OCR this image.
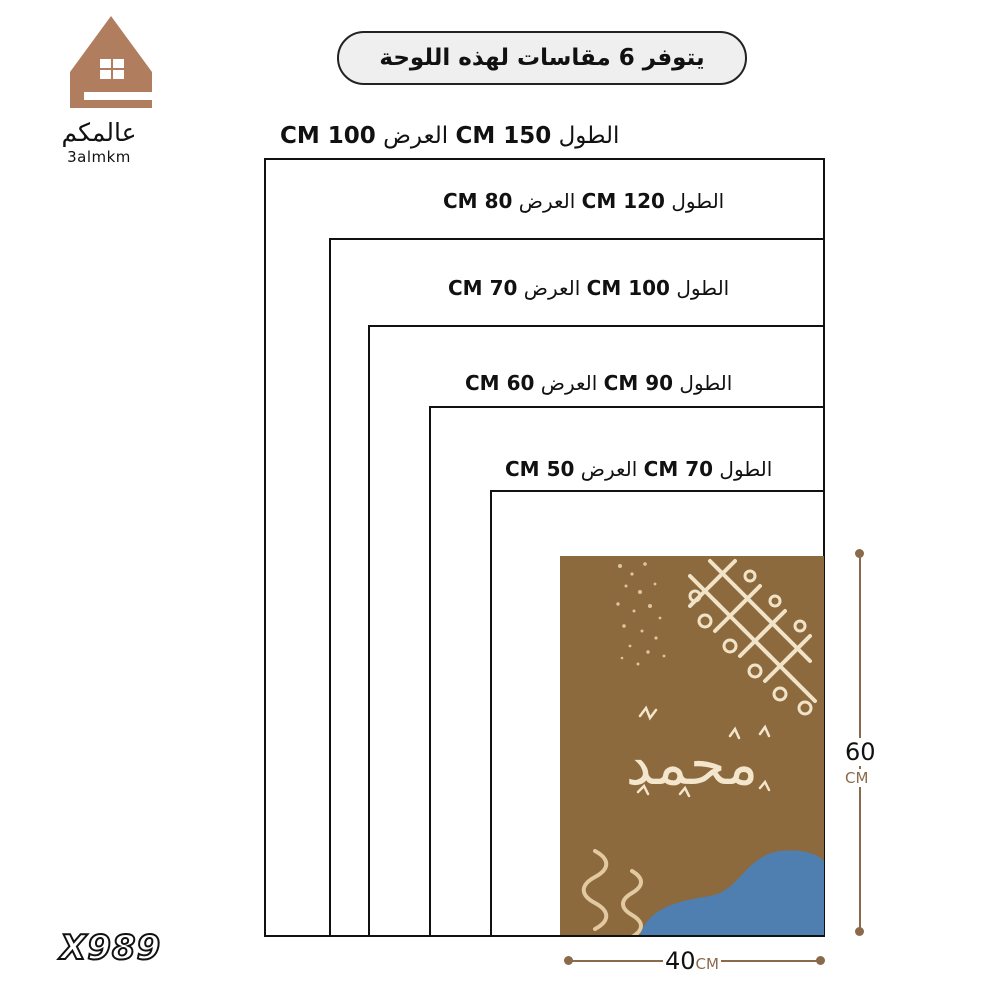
عالمكم
3almkm
يتوفر 6 مقاسات لهذه اللوحة
الطول 150 CM العرض 100 CM
الطول 120 CM العرض 80 CM
الطول 100 CM العرض 70 CM
الطول 90 CM العرض 60 CM
الطول 70 CM العرض 50 CM
محمد	60
CM
40CM
X989
